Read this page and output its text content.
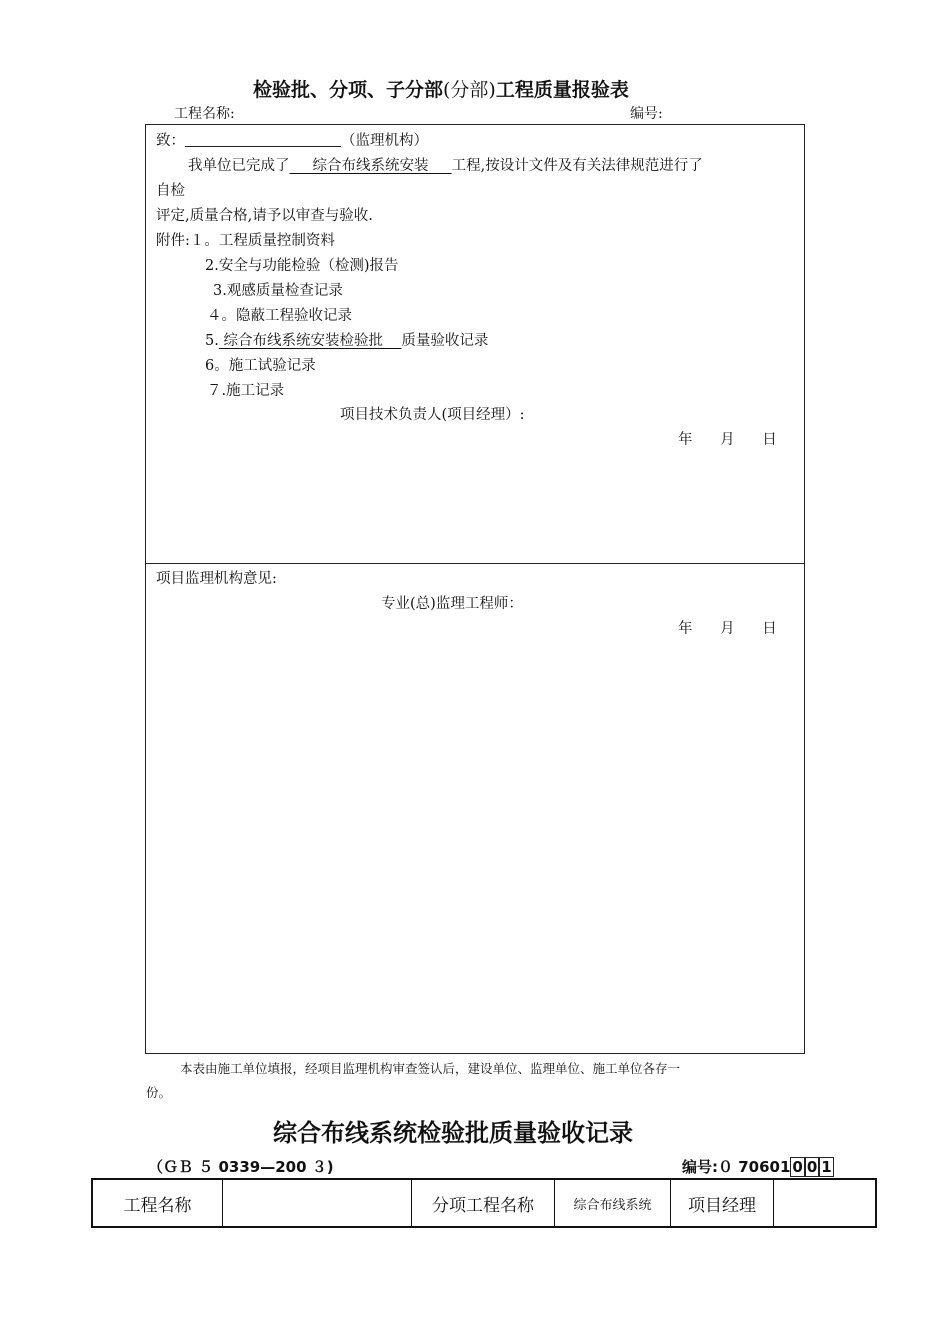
检验批、分项、子分部(分部)工程质量报验表
工程名称:	编号:
致：	（监理机构）
我单位已完成了 综合布线系统安装 工程,按设计文件及有关法律规范进行了
自检
评定,质量合格,请予以审查与验收.
附件:１。工程质量控制资料
2.安全与功能检验（检测)报告
3.观感质量检查记录
４。隐蔽工程验收记录
5. 综合布线系统安装检验批 质量验收记录
6。施工试验记录
７.施工记录
项目技术负责人(项目经理）:
年 月 日
项目监理机构意见:
专业(总)监理工程师：
年 月 日
本表由施工单位填报，经项目监理机构审查签认后，建设单位、监理单位、施工单位各存一
份。
综合布线系统检验批质量验收记录
（ＧＢ ５ 0339—200 ３)	编号:０ 70601 0 0 1
工程名称		分项工程名称	综合布线系统	项目经理	
